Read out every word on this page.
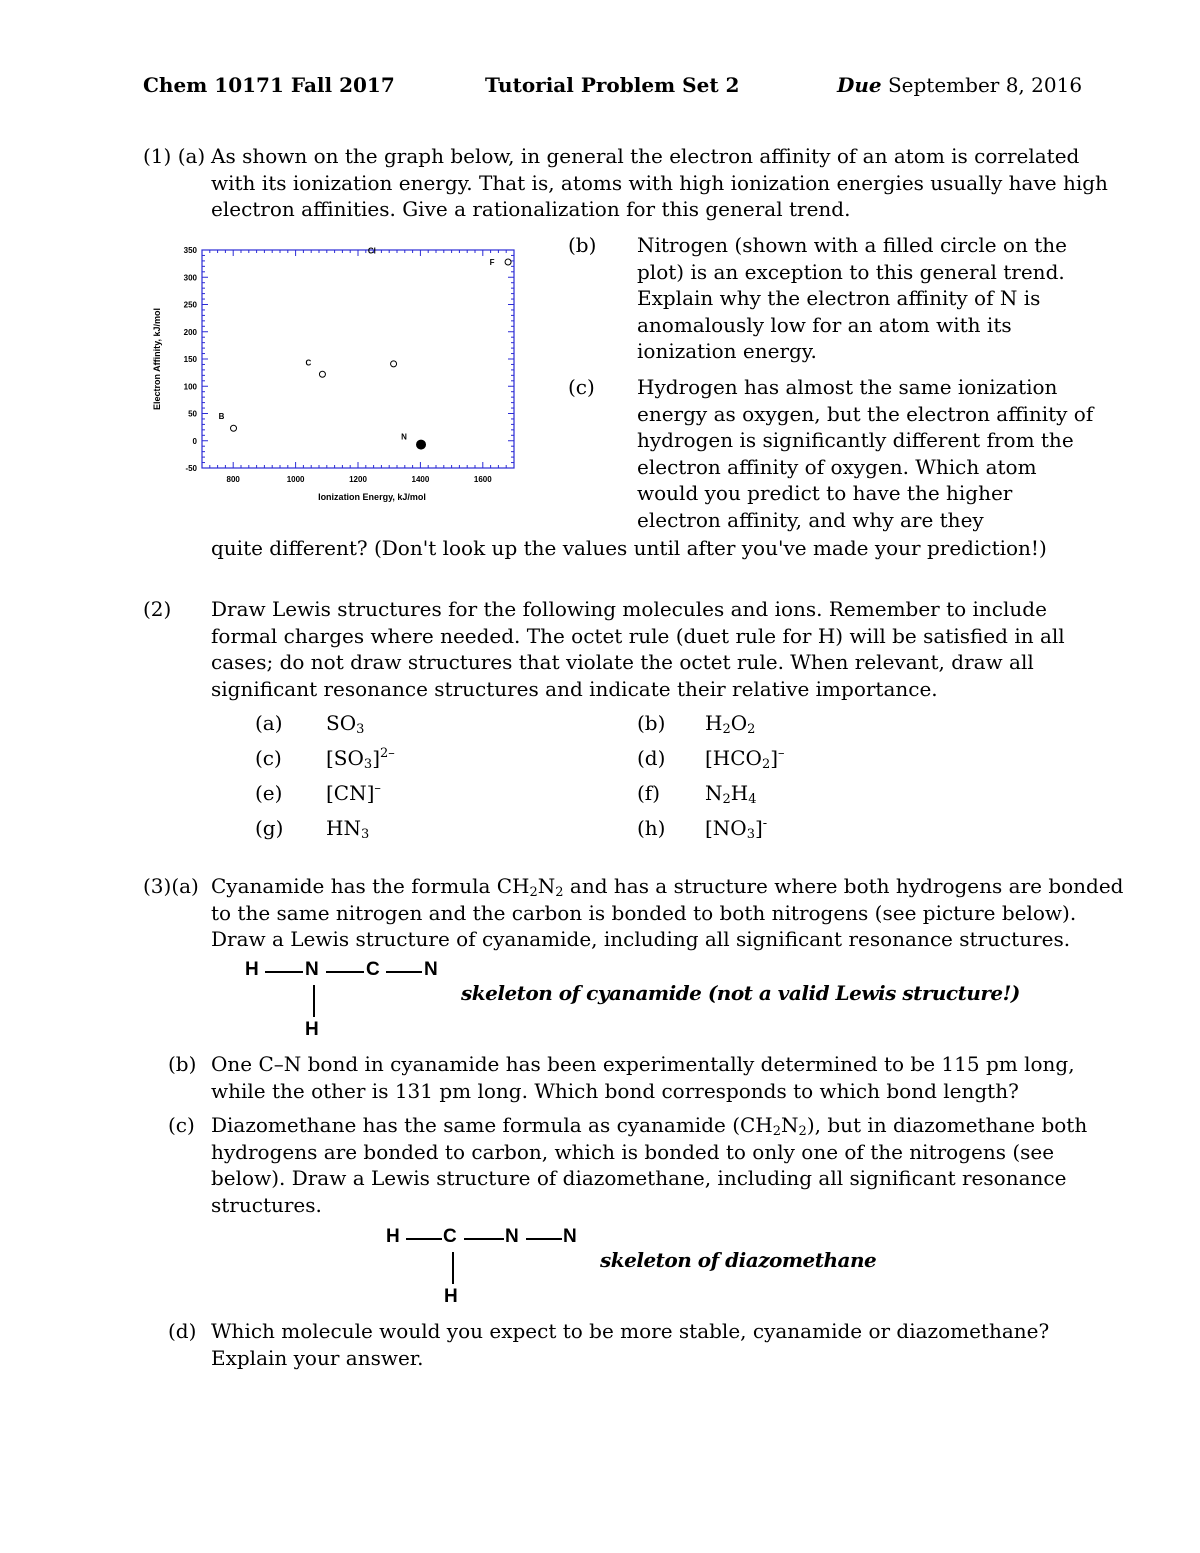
Chem 10171 Fall 2017	Tutorial Problem Set 2	Due September 8, 2016
(1) (a) As shown on the graph below, in general the electron affinity of an atom is correlated
with its ionization energy. That is, atoms with high ionization energies usually have high
electron affinities. Give a rationalization for this general trend.
-50
0
50
100
150
200
250
300
350
800	1000	1200	1400	1600
B
C
Cl
N
F
Ionization Energy, kJ/mol
Electron Affinity, kJ/mol
(b) Nitrogen (shown with a filled circle on the
plot) is an exception to this general trend.
Explain why the electron affinity of N is
anomalously low for an atom with its
ionization energy.
(c) Hydrogen has almost the same ionization
energy as oxygen, but the electron affinity of
hydrogen is significantly different from the
electron affinity of oxygen. Which atom
would you predict to have the higher
electron affinity, and why are they
quite different? (Don't look up the values until after you've made your prediction!)
(2) Draw Lewis structures for the following molecules and ions. Remember to include
formal charges where needed. The octet rule (duet rule for H) will be satisfied in all
cases; do not draw structures that violate the octet rule. When relevant, draw all
significant resonance structures and indicate their relative importance.
(a) $SO_3$	(b) $H_2O_2$
(c) $[SO_3]^{2-}$	(d) $[HCO_2]^-$
(e) [CN]–	(f) $N_2H_4$
(g) $HN_3$	(h) $[NO_3]^-$
(3)(a) Cyanamide has the formula $CH_2N_2$ and has a structure where both hydrogens are bonded
to the same nitrogen and the carbon is bonded to both nitrogens (see picture below).
Draw a Lewis structure of cyanamide, including all significant resonance structures.
H N C N
H
skeleton of cyanamide (not a valid Lewis structure!)
(b) One C–N bond in cyanamide has been experimentally determined to be 115 pm long,
while the other is 131 pm long. Which bond corresponds to which bond length?
(c) Diazomethane has the same formula as cyanamide $(CH_2N_2)$, but in diazomethane both
hydrogens are bonded to carbon, which is bonded to only one of the nitrogens (see
below). Draw a Lewis structure of diazomethane, including all significant resonance
structures.
H C	N N
H
skeleton of diazomethane
(d) Which molecule would you expect to be more stable, cyanamide or diazomethane?
Explain your answer.
